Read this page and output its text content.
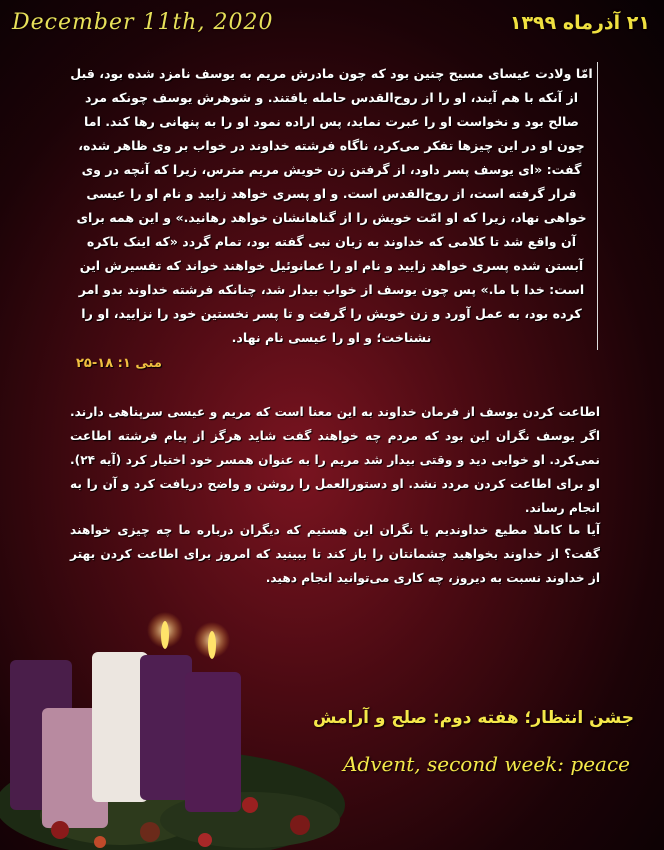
December 11th, 2020	۲۱ آذرماه ۱۳۹۹
امّا ولادت عیسای مسیح چنین بود که چون مادرش مریم به یوسف نامزد شده بود، قبل از آنکه با هم آیند، او را از روح‌القدس حامله یافتند. و شوهرش یوسف چونکه مرد صالح بود و نخواست او را عبرت نماید، پس اراده نمود او را به پنهانی رها کند. اما چون او در این چیزها تفکر می‌کرد، ناگاه فرشته خداوند در خواب بر وی ظاهر شده، گفت: «ای یوسف پسر داود، از گرفتن زن خویش مریم مترس، زیرا که آنچه در وی قرار گرفته است، از روح‌القدس است. و او پسری خواهد زایید و نام او را عیسی خواهی نهاد، زیرا که او امّت خویش را از گناهانشان خواهد رهانید.» و این همه برای آن واقع شد تا کلامی که خداوند به زبان نبی گفته بود، تمام گردد «که اینک باکره آبستن شده پسری خواهد زایید و نام او را عمانوئیل خواهند خواند که تفسیرش این است: خدا با ما.» پس چون یوسف از خواب بیدار شد، چنانکه فرشته خداوند بدو امر کرده بود، به عمل آورد و زن خویش را گرفت و تا پسر نخستین خود را نزایید، او را نشناخت؛ و او را عیسی نام نهاد.
متی ۱: ۱۸-۲۵
اطاعت کردن یوسف از فرمان خداوند به این معنا است که مریم و عیسی سرپناهی دارند. اگر یوسف نگران این بود که مردم چه خواهند گفت شاید هرگز از پیام فرشته اطاعت نمی‌کرد. او خوابی دید و وقتی بیدار شد مریم را به عنوان همسر خود اختیار کرد (آیه ۲۴). او برای اطاعت کردن مردد نشد. او دستورالعمل را روشن و واضح دریافت کرد و آن را به انجام رساند.
آیا ما کاملا مطیع خداوندیم یا نگران این هستیم که دیگران درباره ما چه چیزی خواهند گفت؟ از خداوند بخواهید چشمانتان را باز کند تا ببینید که امروز برای اطاعت کردن بهتر از خداوند نسبت به دیروز، چه کاری می‌توانید انجام دهید.
جشن انتظار؛ هفته دوم: صلح و آرامش
Advent, second week: peace
